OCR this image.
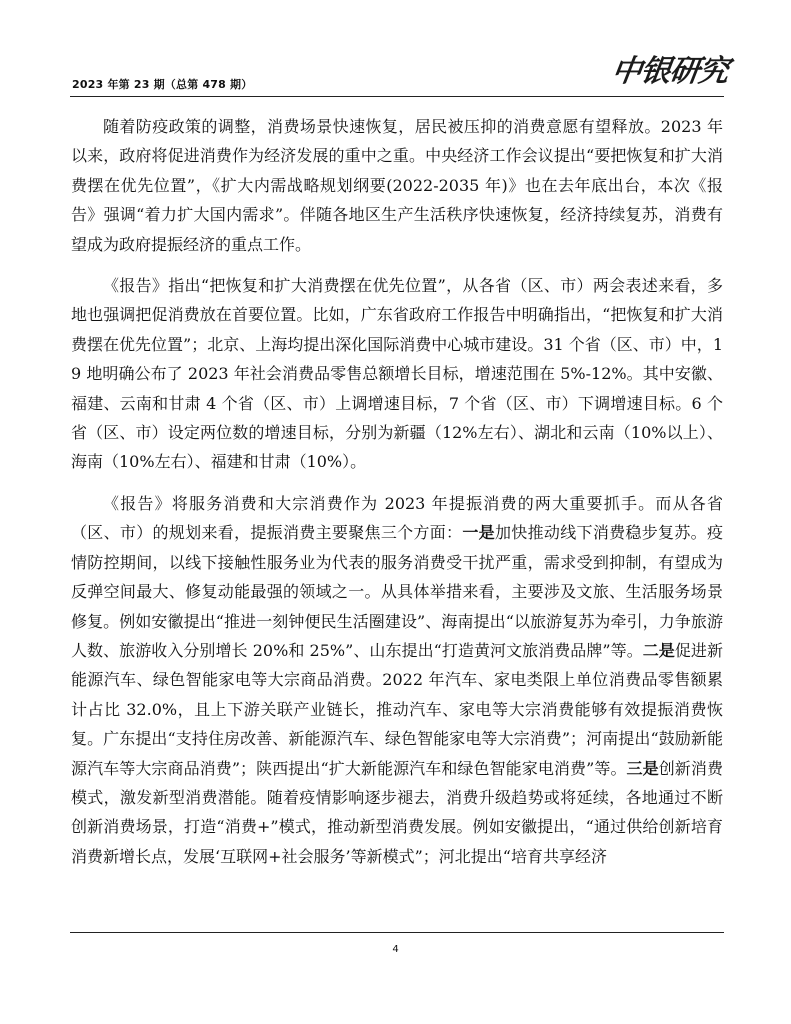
2023 年第 23 期（总第 478 期）	中银研究

随着防疫政策的调整，消费场景快速恢复，居民被压抑的消费意愿有望释放。2023 年以来，政府将促进消费作为经济发展的重中之重。中央经济工作会议提出“要把恢复和扩大消费摆在优先位置”，《扩大内需战略规划纲要(2022-2035 年)》也在去年底出台，本次《报告》强调“着力扩大国内需求”。伴随各地区生产生活秩序快速恢复，经济持续复苏，消费有望成为政府提振经济的重点工作。

《报告》指出“把恢复和扩大消费摆在优先位置”，从各省（区、市）两会表述来看，多地也强调把促消费放在首要位置。比如，广东省政府工作报告中明确指出，“把恢复和扩大消费摆在优先位置”；北京、上海均提出深化国际消费中心城市建设。31 个省（区、市）中，19 地明确公布了 2023 年社会消费品零售总额增长目标，增速范围在 5%-12%。其中安徽、福建、云南和甘肃 4 个省（区、市）上调增速目标，7 个省（区、市）下调增速目标。6 个省（区、市）设定两位数的增速目标，分别为新疆（12%左右）、湖北和云南（10%以上）、海南（10%左右）、福建和甘肃（10%）。

《报告》将服务消费和大宗消费作为 2023 年提振消费的两大重要抓手。而从各省（区、市）的规划来看，提振消费主要聚焦三个方面：一是加快推动线下消费稳步复苏。疫情防控期间，以线下接触性服务业为代表的服务消费受干扰严重，需求受到抑制，有望成为反弹空间最大、修复动能最强的领域之一。从具体举措来看，主要涉及文旅、生活服务场景修复。例如安徽提出“推进一刻钟便民生活圈建设”、海南提出“以旅游复苏为牵引，力争旅游人数、旅游收入分别增长 20%和 25%”、山东提出“打造黄河文旅消费品牌”等。二是促进新能源汽车、绿色智能家电等大宗商品消费。2022 年汽车、家电类限上单位消费品零售额累计占比 32.0%，且上下游关联产业链长，推动汽车、家电等大宗消费能够有效提振消费恢复。广东提出“支持住房改善、新能源汽车、绿色智能家电等大宗消费”；河南提出“鼓励新能源汽车等大宗商品消费”；陕西提出“扩大新能源汽车和绿色智能家电消费”等。三是创新消费模式，激发新型消费潜能。随着疫情影响逐步褪去，消费升级趋势或将延续，各地通过不断创新消费场景，打造“消费+”模式，推动新型消费发展。例如安徽提出，“通过供给创新培育消费新增长点，发展‘互联网+社会服务’等新模式”；河北提出“培育共享经济

4
